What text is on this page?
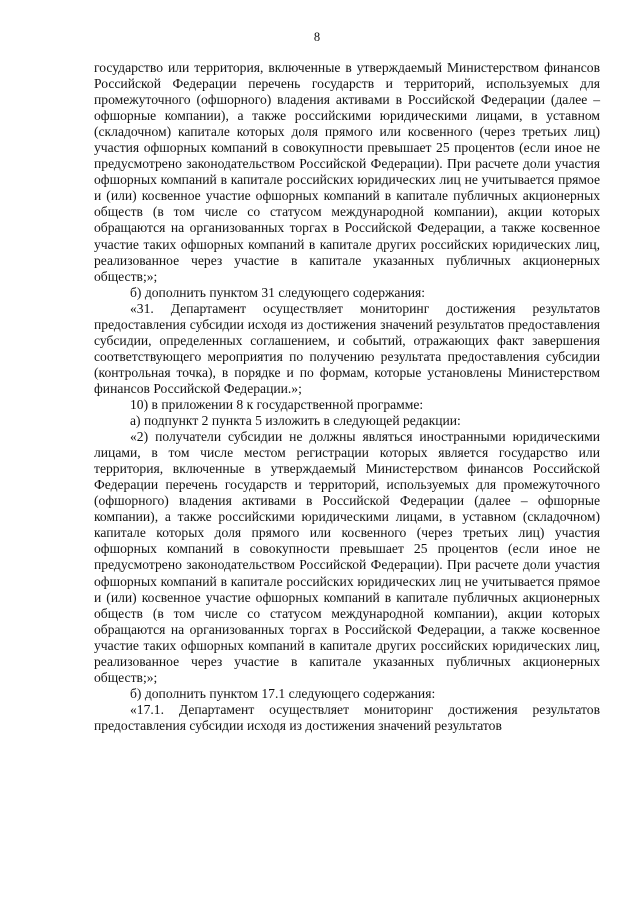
8

государство или территория, включенные в утверждаемый Министерством финансов Российской Федерации перечень государств и территорий, используемых для промежуточного (офшорного) владения активами в Российской Федерации (далее – офшорные компании), а также российскими юридическими лицами, в уставном (складочном) капитале которых доля прямого или косвенного (через третьих лиц) участия офшорных компаний в совокупности превышает 25 процентов (если иное не предусмотрено законодательством Российской Федерации). При расчете доли участия офшорных компаний в капитале российских юридических лиц не учитывается прямое и (или) косвенное участие офшорных компаний в капитале публичных акционерных обществ (в том числе со статусом международной компании), акции которых обращаются на организованных торгах в Российской Федерации, а также косвенное участие таких офшорных компаний в капитале других российских юридических лиц, реализованное через участие в капитале указанных публичных акционерных обществ;»;

б) дополнить пунктом 31 следующего содержания:

«31. Департамент осуществляет мониторинг достижения результатов предоставления субсидии исходя из достижения значений результатов предоставления субсидии, определенных соглашением, и событий, отражающих факт завершения соответствующего мероприятия по получению результата предоставления субсидии (контрольная точка), в порядке и по формам, которые установлены Министерством финансов Российской Федерации.»;

10) в приложении 8 к государственной программе:

а) подпункт 2 пункта 5 изложить в следующей редакции:

«2) получатели субсидии не должны являться иностранными юридическими лицами, в том числе местом регистрации которых является государство или территория, включенные в утверждаемый Министерством финансов Российской Федерации перечень государств и территорий, используемых для промежуточного (офшорного) владения активами в Российской Федерации (далее – офшорные компании), а также российскими юридическими лицами, в уставном (складочном) капитале которых доля прямого или косвенного (через третьих лиц) участия офшорных компаний в совокупности превышает 25 процентов (если иное не предусмотрено законодательством Российской Федерации). При расчете доли участия офшорных компаний в капитале российских юридических лиц не учитывается прямое и (или) косвенное участие офшорных компаний в капитале публичных акционерных обществ (в том числе со статусом международной компании), акции которых обращаются на организованных торгах в Российской Федерации, а также косвенное участие таких офшорных компаний в капитале других российских юридических лиц, реализованное через участие в капитале указанных публичных акционерных обществ;»;

б) дополнить пунктом 17.1 следующего содержания:

«17.1. Департамент осуществляет мониторинг достижения результатов предоставления субсидии исходя из достижения значений результатов
